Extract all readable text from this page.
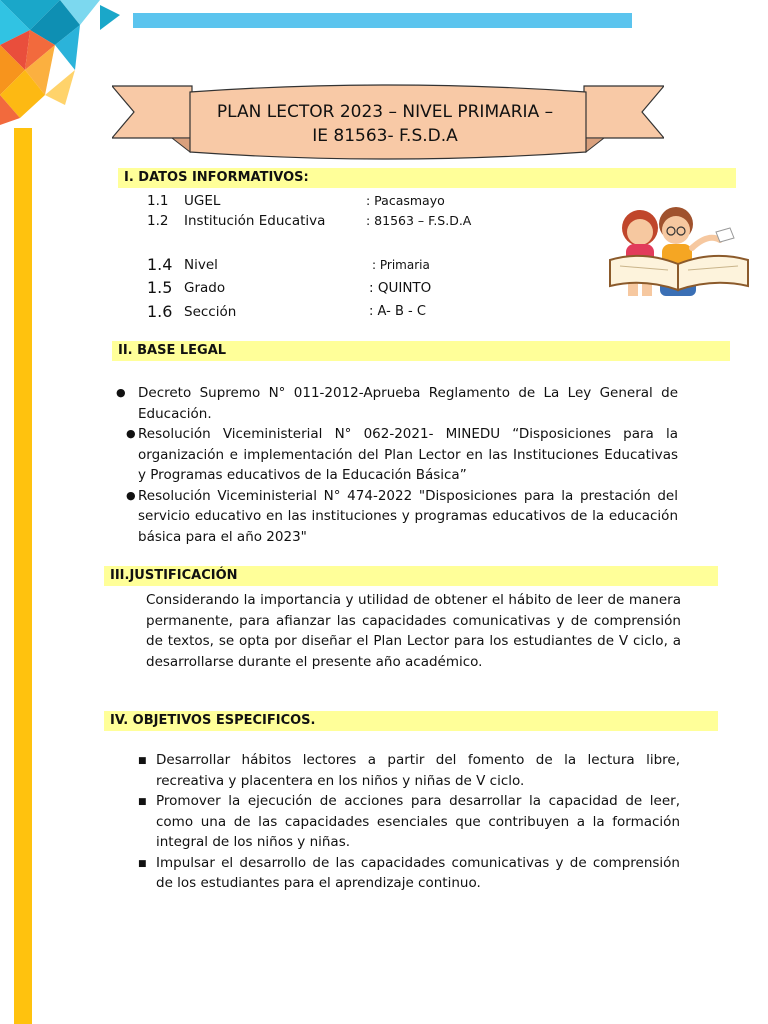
PLAN LECTOR 2023 – NIVEL PRIMARIA –
IE 81563- F.S.D.A
I. DATOS INFORMATIVOS:
1.1 UGEL	: Pacasmayo
1.2 Institución Educativa	: 81563 – F.S.D.A
1.4 Nivel	: Primaria
1.5 Grado	: QUINTO
1.6 Sección	: A- B - C
II. BASE LEGAL
● Decreto Supremo N° 011-2012-Aprueba Reglamento de La Ley General de Educación.
● Resolución Viceministerial N° 062-2021- MINEDU “Disposiciones para la organización e implementación del Plan Lector en las Instituciones Educativas y Programas educativos de la Educación Básica”
● Resolución Viceministerial N° 474-2022 "Disposiciones para la prestación del servicio educativo en las instituciones y programas educativos de la educación básica para el año 2023"
III.JUSTIFICACIÓN
Considerando la importancia y utilidad de obtener el hábito de leer de manera permanente, para afianzar las capacidades comunicativas y de comprensión de textos, se opta por diseñar el Plan Lector para los estudiantes de V ciclo, a desarrollarse durante el presente año académico.
IV. OBJETIVOS ESPECIFICOS.
■ Desarrollar hábitos lectores a partir del fomento de la lectura libre, recreativa y placentera en los niños y niñas de V ciclo.
■ Promover la ejecución de acciones para desarrollar la capacidad de leer, como una de las capacidades esenciales que contribuyen a la formación integral de los niños y niñas.
■ Impulsar el desarrollo de las capacidades comunicativas y de comprensión de los estudiantes para el aprendizaje continuo.
